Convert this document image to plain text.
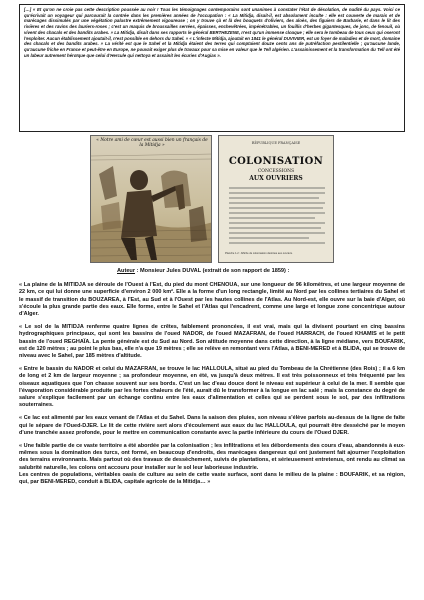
[…] « Et qu'on ne croie pas cette description poussée au noir ! Tous les témoignages contemporains sont unanimes à constater l'état de désolation, de nudité du pays. Voici ce qu'écrivait un voyageur qui parcourait la contrée dans les premières années de l'occupation : « La Mitidja, disait-il, est absolument inculte : elle est couverte de marais et de marécages dissimulés par une végétation palustre extrêmement vigoureuse ; on y trouve çà et là des bouquets d'oliviers, des aloès, des figuiers de Barbarie, et dans le lit des rivières et des ravins des lauriers-roses ; c'est un maquis de broussailles serrées, épaisses, enchevêtrées, impénétrables, un fouillis d'herbes gigantesques, de jonc, de fenouil, où vivent des chacals et des bandits arabes. » La Mitidja, disait dans ses rapports le général BERTHEZENE, n'est qu'un immense cloaque ; elle sera le tombeau de tous ceux qui oseront l'exploiter. Aucun établissement ajoutait-il, n'est possible en dehors du Sahel. » « L'infecte Mitidja, ajoutait en 1841 le général DUVIVIER, est un foyer de maladies et de mort, domaine des chacals et des bandits arabes. » La vérité est que le Sahel et la Mitidja étaient des terres qui comptaient douze cents ans de putréfaction pestilentielle ; qu'aucune lande, qu'aucune friche en France et peut-être en Europe, ne pouvait exiger plus de travaux pour sa mise en valeur que le Tell algérien. L'assainissement et la transformation du Tell ont été un labeur autrement héroïque que celui d'Hercule qui nettoya et assainit les écuries d'Augias ».
« Notre ami de cœur est aussi bien un français de la Mitidja »	RÉPUBLIQUE FRANÇAISE
COLONISATION
CONCESSIONS
AUX OUVRIERS
Planche 1.2 : Affiche de colonisation destinée aux ouvriers.
Auteur : Monsieur Jules DUVAL (extrait de son rapport de 1859) :

« La plaine de la MITIDJA se déroule de l'Ouest à l'Est, du pied du mont CHENOUA, sur une longueur de 96 kilomètres, et une largeur moyenne de 22 km, ce qui lui donne une superficie d'environ 2 000 km². Elle a la forme d'un long rectangle, limité au Nord par les collines tertiaires du Sahel et le massif de transition du BOUZAREA, à l'Est, au Sud et à l'Ouest par les hautes collines de l'Atlas. Au Nord-est, elle ouvre sur la baie d'Alger, où s'écoule la plus grande partie des eaux. Elle forme, entre le Sahel et l'Atlas qui l'encadrent, comme une large et longue zone concentrique autour d'Alger.

« Le sol de la MITIDJA renferme quatre lignes de crêtes, faiblement prononcées, il est vrai, mais qui la divisent pourtant en cinq bassins hydrographiques principaux, qui sont les bassins de l'oued NADOR, de l'oued MAZAFRAN, de l'oued HARRACH, de l'oued KHAMIS et le petit bassin de l'oued REGHAÏA. La pente générale est du Sud au Nord. Son altitude moyenne dans cette direction, à la ligne médiane, vers BOUFARIK, est de 120 mètres ; au point le plus bas, elle n'a que 19 mètres ; elle se relève en remontant vers l'Atlas, à BENI-MERED et à BLIDA, qui se trouve de niveau avec le Sahel, par 185 mètres d'altitude.

« Entre le bassin du NADOR et celui du MAZAFRAN, se trouve le lac HALLOULA, situé au pied du Tombeau de la Chrétienne (des Rois) ; il a 6 km de long et 2 km de largeur moyenne ; sa profondeur moyenne, en été, va jusqu'à deux mètres. Il est très poissonneux et très fréquenté par les oiseaux aquatiques que l'on chasse souvent sur ses bords. C'est un lac d'eau douce dont le niveau est supérieur à celui de la mer. Il semble que l'évaporation considérable produite par les fortes chaleurs de l'été, aurait dû le transformer à la longue en lac salé ; mais la constance du degré de salure s'explique facilement par un échange continu entre les eaux d'alimentation et celles qui se perdent sous le sol, par des infiltrations souterraines.

« Ce lac est alimenté par les eaux venant de l'Atlas et du Sahel. Dans la saison des pluies, son niveau s'élève parfois au-dessus de la ligne de faîte qui le sépare de l'Oued-DJER. Le lit de cette rivière sert alors d'écoulement aux eaux du lac HALLOULA, qui pourrait être desséché par le moyen d'une tranchée assez profonde, pour le mettre en communication constante avec la partie inférieure du cours de l'Oued DJER.

« Une faible partie de ce vaste territoire a été abordée par la colonisation ; les infiltrations et les débordements des cours d'eau, abandonnés à eux-mêmes sous la domination des turcs, ont formé, en beaucoup d'endroits, des marécages dangereux qui ont justement fait ajourner l'exploitation des terrains environnants. Mais partout où des travaux de dessèchement, suivis de plantations, et sérieusement entretenus, ont rendu au climat sa salubrité naturelle, les colons ont accouru pour installer sur le sol leur laborieuse industrie.
Les centres de populations, véritables oasis de culture au sein de cette vaste surface, sont dans le milieu de la plaine : BOUFARIK, et sa région, qui, par BENI-MERED, conduit à BLIDA, capitale agricole de la Mitidja… »
